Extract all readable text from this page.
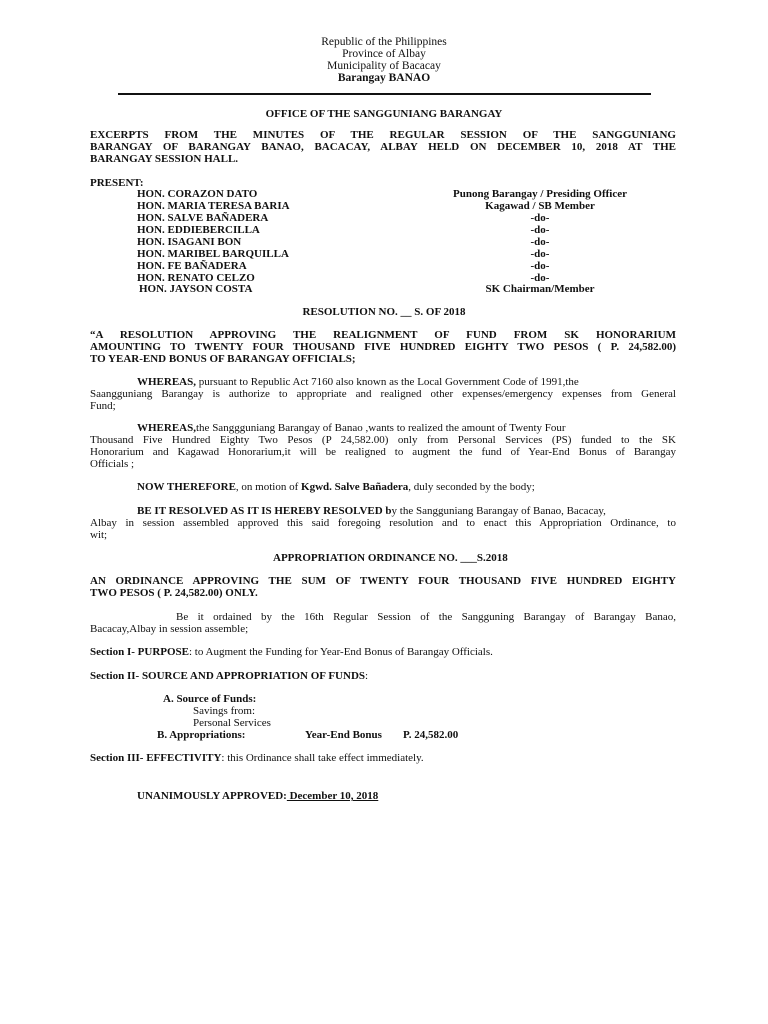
Republic of the Philippines
Province of Albay
Municipality of Bacacay
Barangay BANAO
OFFICE OF THE SANGGUNIANG BARANGAY
EXCERPTS FROM THE MINUTES OF THE REGULAR SESSION OF THE SANGGUNIANG
BARANGAY OF BARANGAY BANAO, BACACAY, ALBAY HELD ON DECEMBER 10, 2018 AT THE
BARANGAY SESSION HALL.
PRESENT:
HON. CORAZON DATO	Punong Barangay / Presiding Officer
HON. MARIA TERESA BARIA	Kagawad / SB Member
HON. SALVE BAÑADERA	-do-
HON. EDDIEBERCILLA	-do-
HON. ISAGANI BON	-do-
HON. MARIBEL BARQUILLA	-do-
HON. FE BAÑADERA	-do-
HON. RENATO CELZO	-do-
HON. JAYSON COSTA	SK Chairman/Member
RESOLUTION NO. __ S. OF 2018
“A RESOLUTION APPROVING THE REALIGNMENT OF FUND FROM SK HONORARIUM
AMOUNTING TO TWENTY FOUR THOUSAND FIVE HUNDRED EIGHTY TWO PESOS ( P. 24,582.00)
TO YEAR-END BONUS OF BARANGAY OFFICIALS;
WHEREAS, pursuant to Republic Act 7160 also known as the Local Government Code of 1991,the
Saangguniang Barangay is authorize to appropriate and realigned other expenses/emergency expenses from General
Fund;
WHEREAS,the Sanggguniang Barangay of Banao ,wants to realized the amount of Twenty Four
Thousand Five Hundred Eighty Two Pesos (P 24,582.00) only from Personal Services (PS) funded to the SK
Honorarium and Kagawad Honorarium,it will be realigned to augment the fund of Year-End Bonus of Barangay
Officials ;
NOW THEREFORE, on motion of Kgwd. Salve Bañadera, duly seconded by the body;
BE IT RESOLVED AS IT IS HEREBY RESOLVED by the Sangguniang Barangay of Banao, Bacacay,
Albay in session assembled approved this said foregoing resolution and to enact this Appropriation Ordinance, to
wit;
APPROPRIATION ORDINANCE NO. ___S.2018
AN ORDINANCE APPROVING THE SUM OF TWENTY FOUR THOUSAND FIVE HUNDRED EIGHTY
TWO PESOS ( P. 24,582.00) ONLY.
Be it ordained by the 16th Regular Session of the Sangguning Barangay of Barangay Banao,
Bacacay,Albay in session assemble;
Section I- PURPOSE: to Augment the Funding for Year-End Bonus of Barangay Officials.
Section II- SOURCE AND APPROPRIATION OF FUNDS:
A. Source of Funds:
Savings from:
Personal Services
B. Appropriations:	Year-End Bonus P. 24,582.00
Section III- EFFECTIVITY: this Ordinance shall take effect immediately.
UNANIMOUSLY APPROVED: December 10, 2018
